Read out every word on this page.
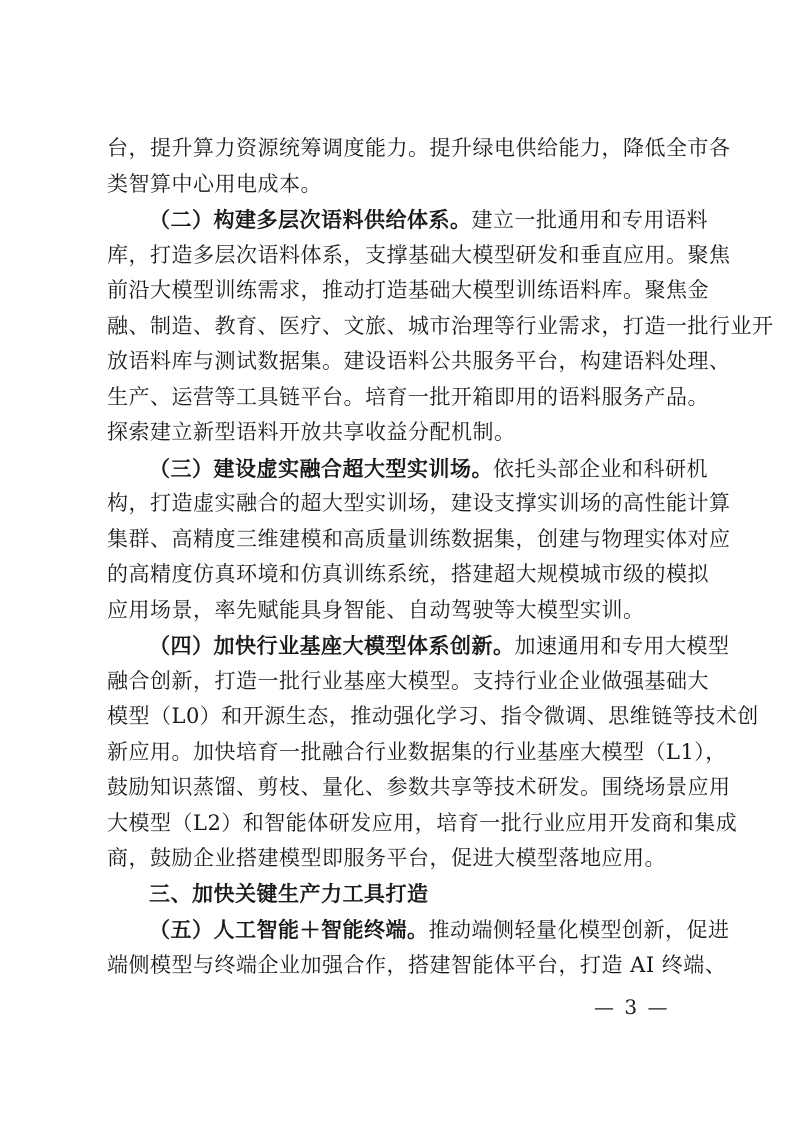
台，提升算力资源统筹调度能力。提升绿电供给能力，降低全市各
类智算中心用电成本。
（二）构建多层次语料供给体系。建立一批通用和专用语料
库，打造多层次语料体系，支撑基础大模型研发和垂直应用。聚焦
前沿大模型训练需求，推动打造基础大模型训练语料库。聚焦金
融、制造、教育、医疗、文旅、城市治理等行业需求，打造一批行业开
放语料库与测试数据集。建设语料公共服务平台，构建语料处理、
生产、运营等工具链平台。培育一批开箱即用的语料服务产品。
探索建立新型语料开放共享收益分配机制。
（三）建设虚实融合超大型实训场。依托头部企业和科研机
构，打造虚实融合的超大型实训场，建设支撑实训场的高性能计算
集群、高精度三维建模和高质量训练数据集，创建与物理实体对应
的高精度仿真环境和仿真训练系统，搭建超大规模城市级的模拟
应用场景，率先赋能具身智能、自动驾驶等大模型实训。
（四）加快行业基座大模型体系创新。加速通用和专用大模型
融合创新，打造一批行业基座大模型。支持行业企业做强基础大
模型（L0）和开源生态，推动强化学习、指令微调、思维链等技术创
新应用。加快培育一批融合行业数据集的行业基座大模型（L1），
鼓励知识蒸馏、剪枝、量化、参数共享等技术研发。围绕场景应用
大模型（L2）和智能体研发应用，培育一批行业应用开发商和集成
商，鼓励企业搭建模型即服务平台，促进大模型落地应用。
三、加快关键生产力工具打造
（五）人工智能＋智能终端。推动端侧轻量化模型创新，促进
端侧模型与终端企业加强合作，搭建智能体平台，打造 AI 终端、
— 3 —
